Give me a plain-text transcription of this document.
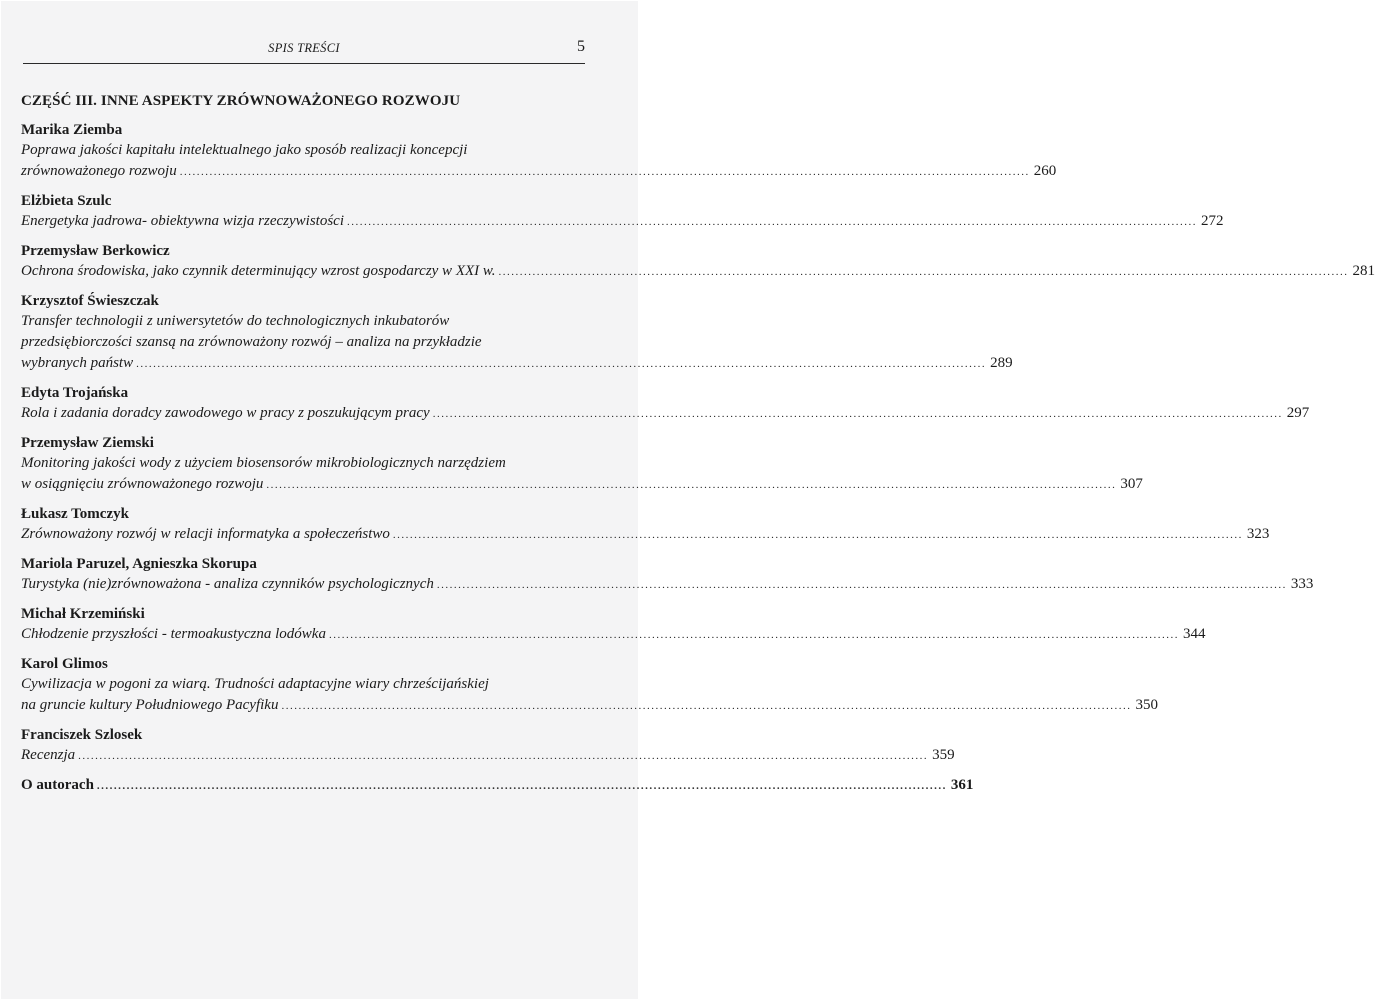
SPIS TREŚCI	5
CZĘŚĆ III. INNE ASPEKTY ZRÓWNOWAŻONEGO ROZWOJU
Marika Ziemba
Poprawa jakości kapitału intelektualnego jako sposób realizacji koncepcji
zrównoważonego rozwoju ........................................................................................................................................................................................................ 260
Elżbieta Szulc
Energetyka jadrowa- obiektywna wizja rzeczywistości ........................................................................................................................................................................................................ 272
Przemysław Berkowicz
Ochrona środowiska, jako czynnik determinujący wzrost gospodarczy w XXI w. ........................................................................................................................................................................................................ 281
Krzysztof Świeszczak
Transfer technologii z uniwersytetów do technologicznych inkubatorów
przedsiębiorczości szansą na zrównoważony rozwój – analiza na przykładzie
wybranych państw ........................................................................................................................................................................................................ 289
Edyta Trojańska
Rola i zadania doradcy zawodowego w pracy z poszukującym pracy ........................................................................................................................................................................................................ 297
Przemysław Ziemski
Monitoring jakości wody z użyciem biosensorów mikrobiologicznych narzędziem
w osiągnięciu zrównoważonego rozwoju ........................................................................................................................................................................................................ 307
Łukasz Tomczyk
Zrównoważony rozwój w relacji informatyka a społeczeństwo ........................................................................................................................................................................................................ 323
Mariola Paruzel, Agnieszka Skorupa
Turystyka (nie)zrównoważona - analiza czynników psychologicznych ........................................................................................................................................................................................................ 333
Michał Krzemiński
Chłodzenie przyszłości - termoakustyczna lodówka ........................................................................................................................................................................................................ 344
Karol Glimos
Cywilizacja w pogoni za wiarą. Trudności adaptacyjne wiary chrześcijańskiej
na gruncie kultury Południowego Pacyfiku ........................................................................................................................................................................................................ 350
Franciszek Szlosek
Recenzja ........................................................................................................................................................................................................ 359
O autorach ........................................................................................................................................................................................................ 361
